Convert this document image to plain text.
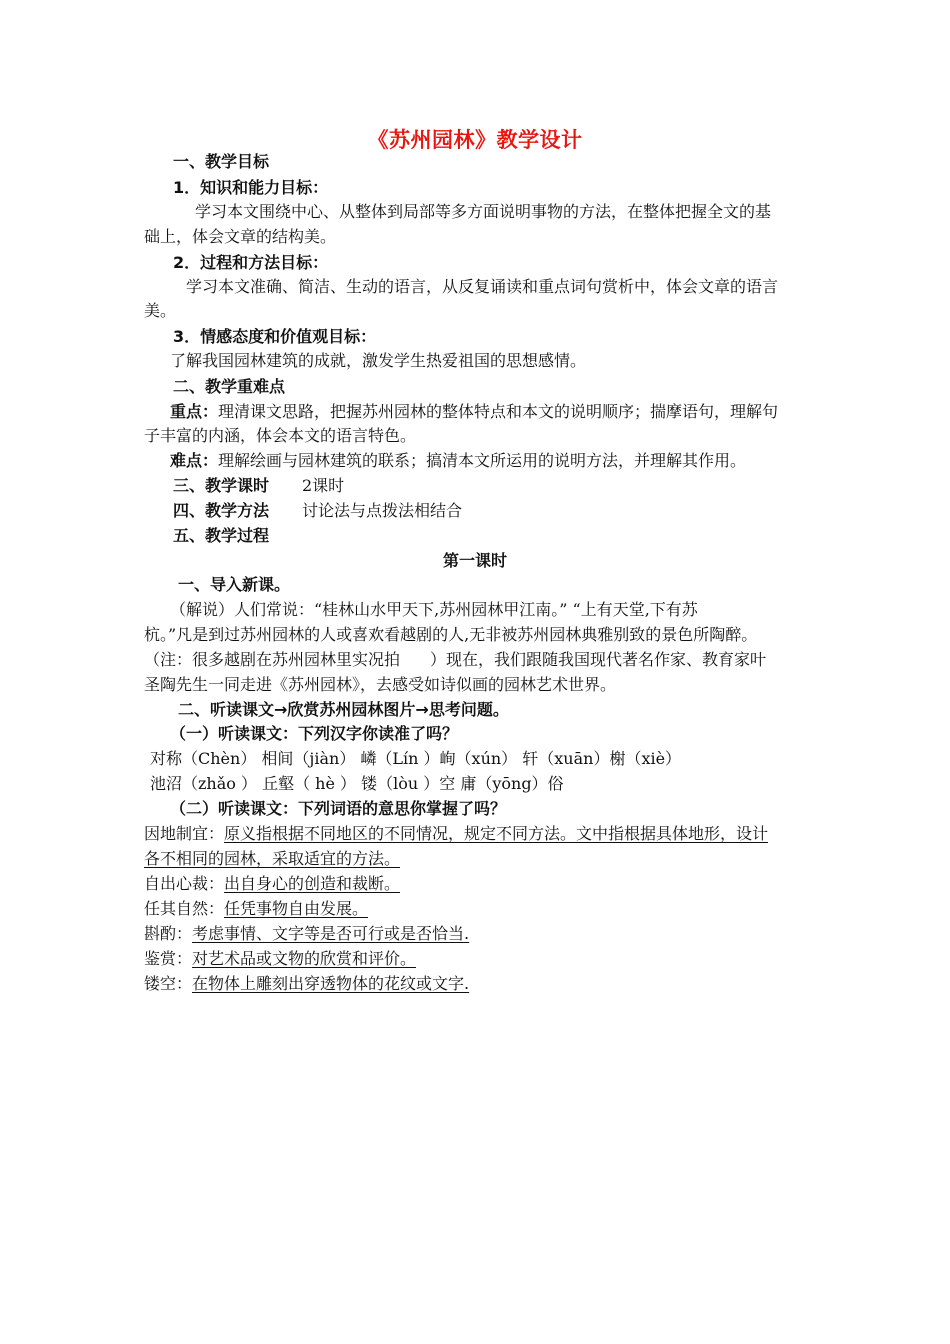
《苏州园林》教学设计
一、教学目标
1．知识和能力目标：
学习本文围绕中心、从整体到局部等多方面说明事物的方法，在整体把握全文的基
础上，体会文章的结构美。
2．过程和方法目标：
学习本文准确、简洁、生动的语言，从反复诵读和重点词句赏析中，体会文章的语言
美。
3．情感态度和价值观目标：
了解我国园林建筑的成就，激发学生热爱祖国的思想感情。
二、教学重难点
重点：理清课文思路，把握苏州园林的整体特点和本文的说明顺序；揣摩语句，理解句
子丰富的内涵，体会本文的语言特色。
难点：理解绘画与园林建筑的联系；搞清本文所运用的说明方法，并理解其作用。
三、教学课时 2课时
四、教学方法 讨论法与点拨法相结合
五、教学过程
第一课时
一、导入新课。
（解说）人们常说：“桂林山水甲天下,苏州园林甲江南。” “上有天堂,下有苏
杭。”凡是到过苏州园林的人或喜欢看越剧的人,无非被苏州园林典雅别致的景色所陶醉。
（注：很多越剧在苏州园林里实况拍 ）现在，我们跟随我国现代著名作家、教育家叶
圣陶先生一同走进《苏州园林》，去感受如诗似画的园林艺术世界。
二、听读课文→欣赏苏州园林图片→思考问题。
（一）听读课文：下列汉字你读准了吗？
对称（Chèn） 相间（jiàn） 嶙（Lín ）峋（xún） 轩（xuān）榭（xiè）
池沼（zhǎo ） 丘壑（ hè ） 镂（lòu ）空 庸（yōng）俗
（二）听读课文：下列词语的意思你掌握了吗？
因地制宜：原义指根据不同地区的不同情况，规定不同方法。文中指根据具体地形，设计
各不相同的园林，采取适宜的方法。
自出心裁：出自身心的创造和裁断。
任其自然：任凭事物自由发展。
斟酌：考虑事情、文字等是否可行或是否恰当.
鉴赏：对艺术品或文物的欣赏和评价。
镂空：在物体上雕刻出穿透物体的花纹或文字.
